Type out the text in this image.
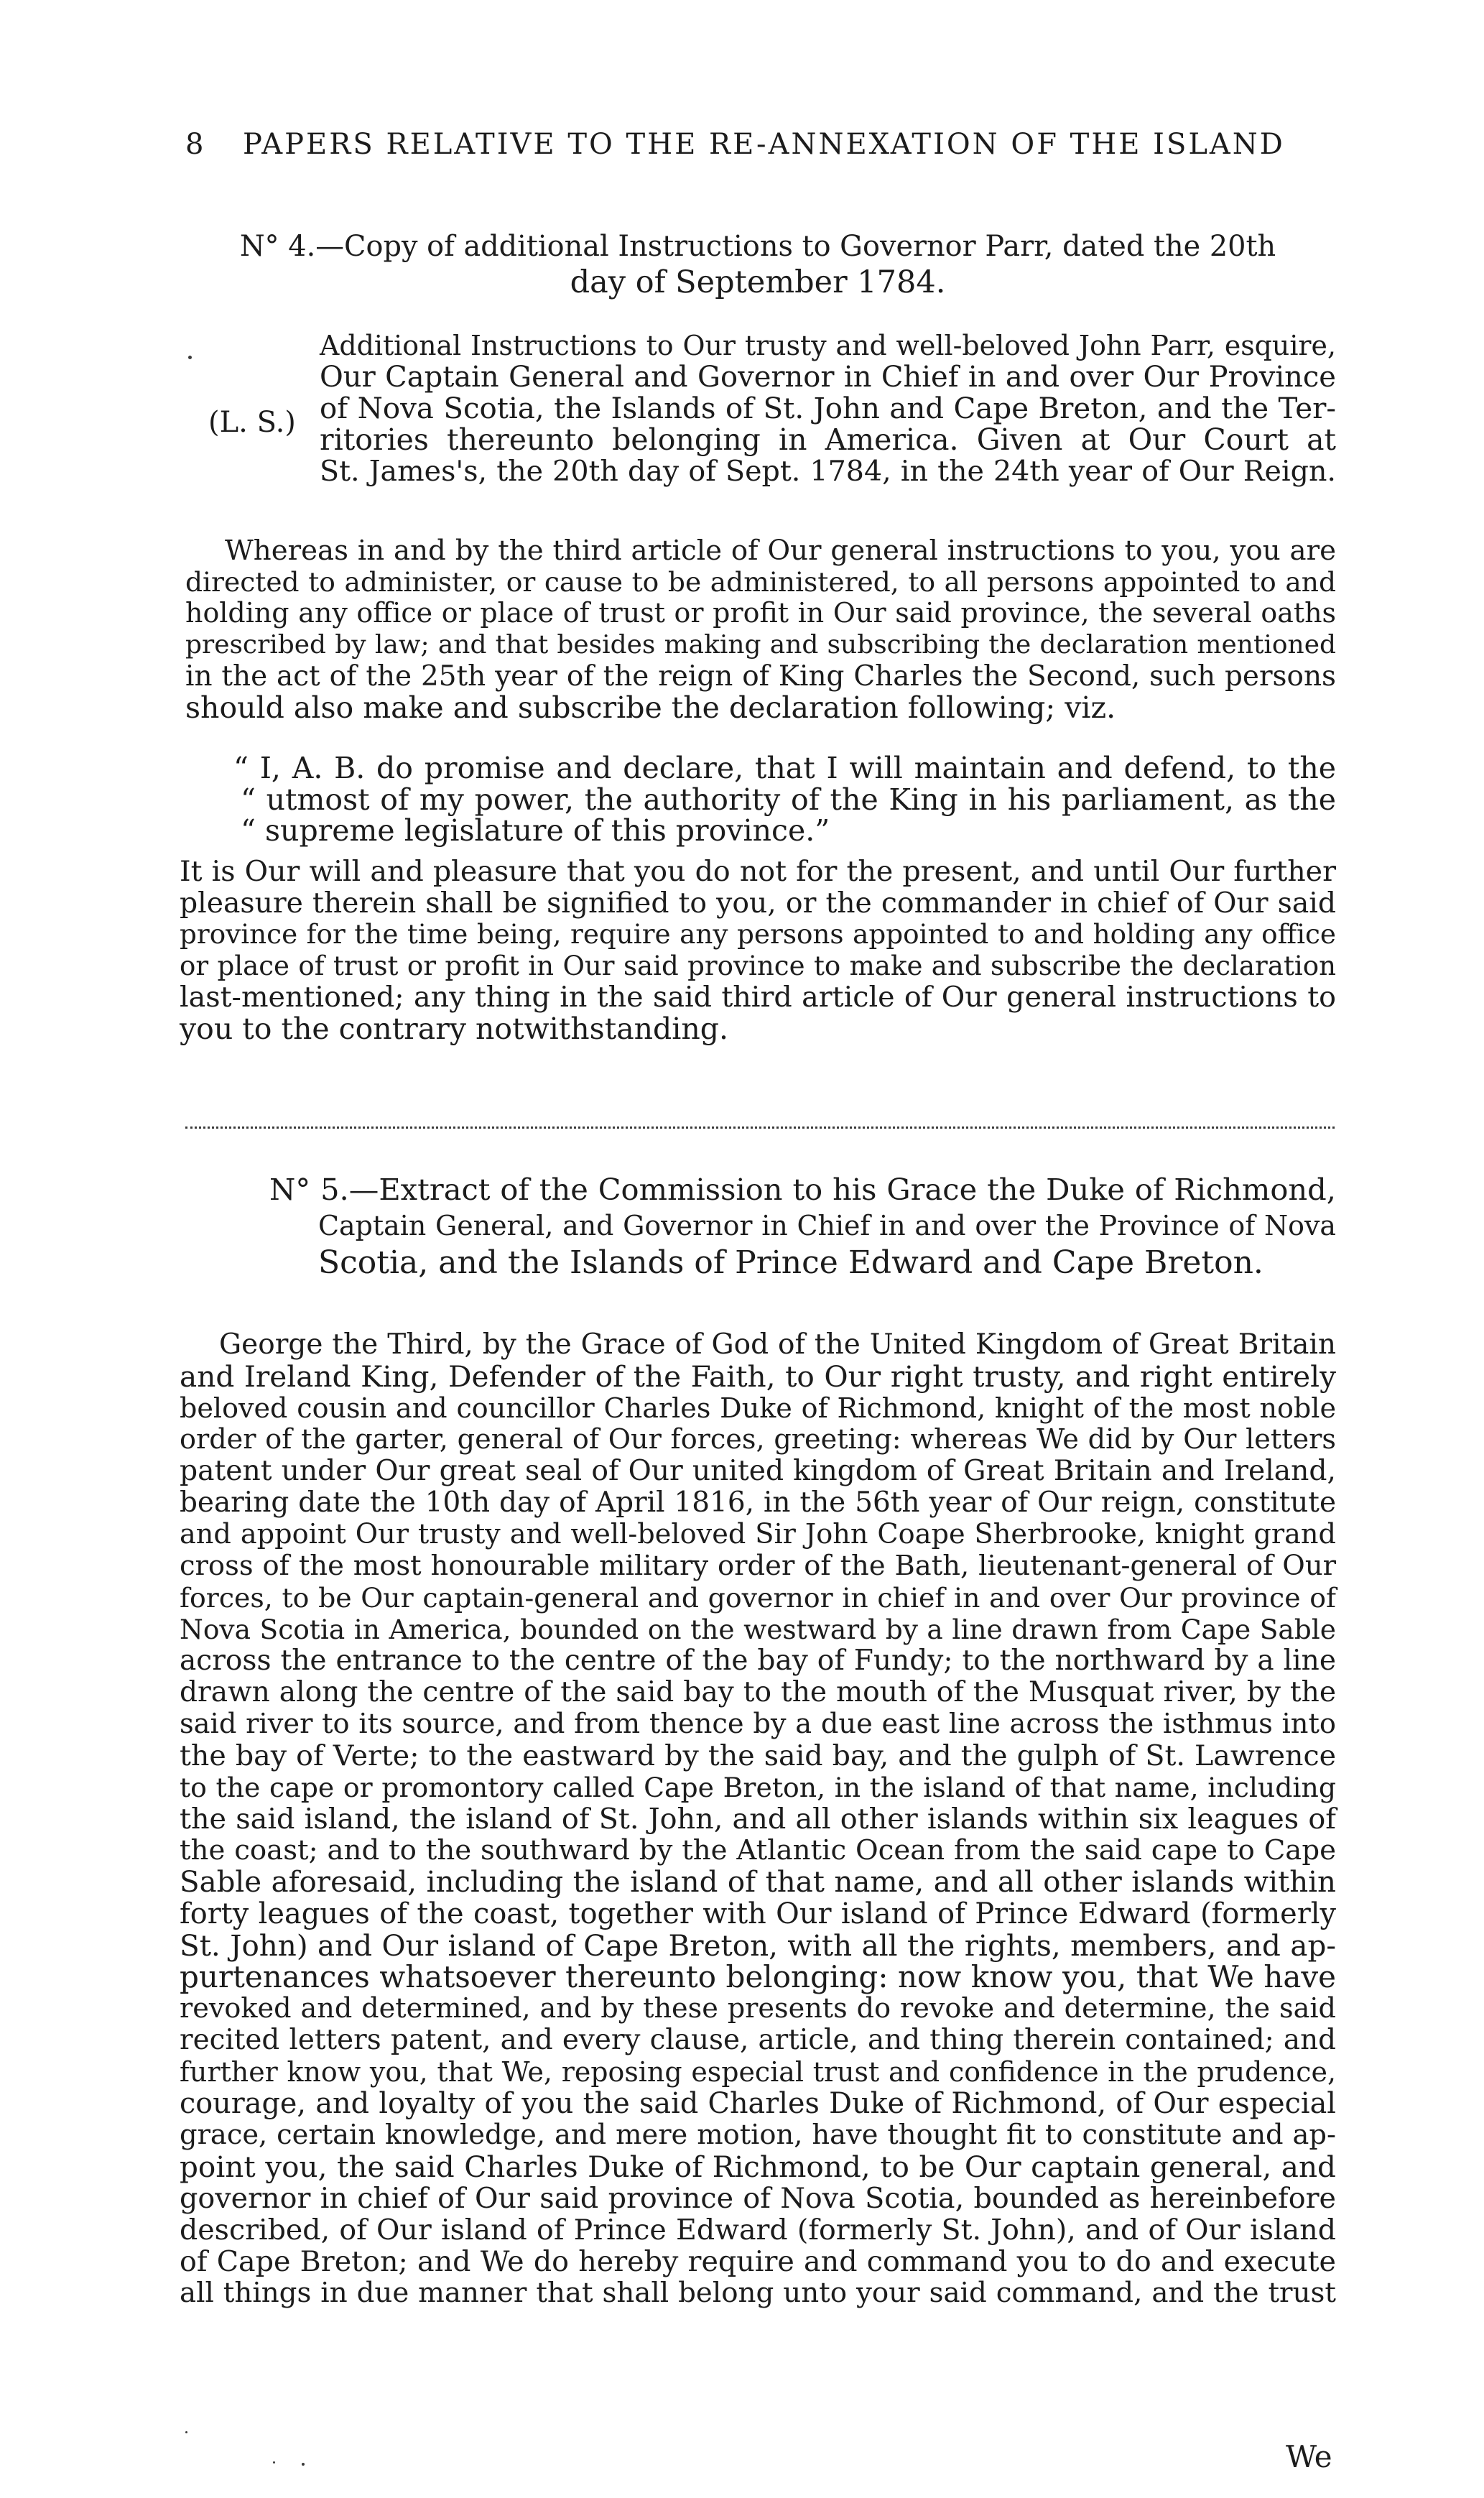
8 PAPERS RELATIVE TO THE RE-ANNEXATION OF THE ISLAND
N° 4.—Copy of additional Instructions to Governor Parr, dated the 20th
day of September 1784.
(L. S.)
Additional Instructions to Our trusty and well-beloved John Parr, esquire,
Our Captain General and Governor in Chief in and over Our Province
of Nova Scotia, the Islands of St. John and Cape Breton, and the Ter-
ritories thereunto belonging in America. Given at Our Court at
St. James's, the 20th day of Sept. 1784, in the 24th year of Our Reign.
Whereas in and by the third article of Our general instructions to you, you are
directed to administer, or cause to be administered, to all persons appointed to and
holding any office or place of trust or profit in Our said province, the several oaths
prescribed by law; and that besides making and subscribing the declaration mentioned
in the act of the 25th year of the reign of King Charles the Second, such persons
should also make and subscribe the declaration following; viz.
“ I, A. B. do promise and declare, that I will maintain and defend, to the
“ utmost of my power, the authority of the King in his parliament, as the
“ supreme legislature of this province.”
It is Our will and pleasure that you do not for the present, and until Our further
pleasure therein shall be signified to you, or the commander in chief of Our said
province for the time being, require any persons appointed to and holding any office
or place of trust or profit in Our said province to make and subscribe the declaration
last-mentioned; any thing in the said third article of Our general instructions to
you to the contrary notwithstanding.
N° 5.—Extract of the Commission to his Grace the Duke of Richmond,
Captain General, and Governor in Chief in and over the Province of Nova
Scotia, and the Islands of Prince Edward and Cape Breton.
George the Third, by the Grace of God of the United Kingdom of Great Britain
and Ireland King, Defender of the Faith, to Our right trusty, and right entirely
beloved cousin and councillor Charles Duke of Richmond, knight of the most noble
order of the garter, general of Our forces, greeting: whereas We did by Our letters
patent under Our great seal of Our united kingdom of Great Britain and Ireland,
bearing date the 10th day of April 1816, in the 56th year of Our reign, constitute
and appoint Our trusty and well-beloved Sir John Coape Sherbrooke, knight grand
cross of the most honourable military order of the Bath, lieutenant-general of Our
forces, to be Our captain-general and governor in chief in and over Our province of
Nova Scotia in America, bounded on the westward by a line drawn from Cape Sable
across the entrance to the centre of the bay of Fundy; to the northward by a line
drawn along the centre of the said bay to the mouth of the Musquat river, by the
said river to its source, and from thence by a due east line across the isthmus into
the bay of Verte; to the eastward by the said bay, and the gulph of St. Lawrence
to the cape or promontory called Cape Breton, in the island of that name, including
the said island, the island of St. John, and all other islands within six leagues of
the coast; and to the southward by the Atlantic Ocean from the said cape to Cape
Sable aforesaid, including the island of that name, and all other islands within
forty leagues of the coast, together with Our island of Prince Edward (formerly
St. John) and Our island of Cape Breton, with all the rights, members, and ap-
purtenances whatsoever thereunto belonging: now know you, that We have
revoked and determined, and by these presents do revoke and determine, the said
recited letters patent, and every clause, article, and thing therein contained; and
further know you, that We, reposing especial trust and confidence in the prudence,
courage, and loyalty of you the said Charles Duke of Richmond, of Our especial
grace, certain knowledge, and mere motion, have thought fit to constitute and ap-
point you, the said Charles Duke of Richmond, to be Our captain general, and
governor in chief of Our said province of Nova Scotia, bounded as hereinbefore
described, of Our island of Prince Edward (formerly St. John), and of Our island
of Cape Breton; and We do hereby require and command you to do and execute
all things in due manner that shall belong unto your said command, and the trust
We
